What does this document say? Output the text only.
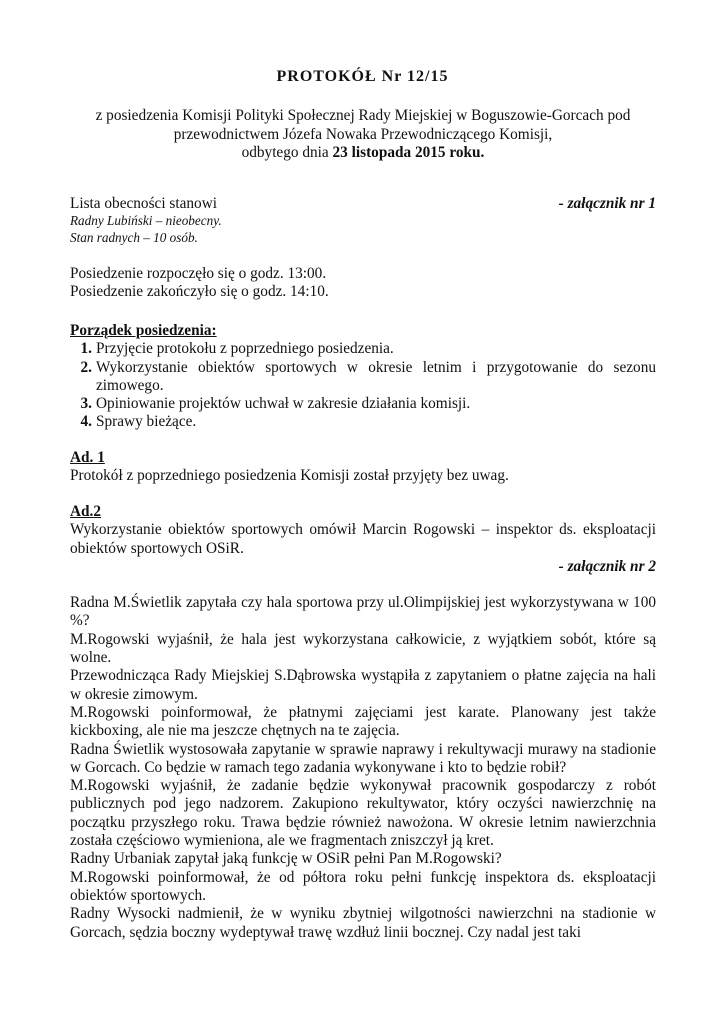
PROTOKÓŁ Nr 12/15
z posiedzenia Komisji Polityki Społecznej Rady Miejskiej w Boguszowie-Gorcach pod
przewodnictwem Józefa Nowaka Przewodniczącego Komisji,
odbytego dnia 23 listopada 2015 roku.
Lista obecności stanowi	- załącznik nr 1
Radny Lubiński – nieobecny.
Stan radnych – 10 osób.
Posiedzenie rozpoczęło się o godz. 13:00.
Posiedzenie zakończyło się o godz. 14:10.
Porządek posiedzenia:
1. Przyjęcie protokołu z poprzedniego posiedzenia.
2. Wykorzystanie obiektów sportowych w okresie letnim i przygotowanie do sezonu zimowego.
3. Opiniowanie projektów uchwał w zakresie działania komisji.
4. Sprawy bieżące.
Ad. 1
Protokół z poprzedniego posiedzenia Komisji został przyjęty bez uwag.
Ad.2

Wykorzystanie obiektów sportowych omówił Marcin Rogowski – inspektor ds. eksploatacji obiektów sportowych OSiR.

- załącznik nr 2

Radna M.Świetlik zapytała czy hala sportowa przy ul.Olimpijskiej jest wykorzystywana w 100 %?

M.Rogowski wyjaśnił, że hala jest wykorzystana całkowicie, z wyjątkiem sobót, które są wolne.

Przewodnicząca Rady Miejskiej S.Dąbrowska wystąpiła z zapytaniem o płatne zajęcia na hali w okresie zimowym.

M.Rogowski poinformował, że płatnymi zajęciami jest karate. Planowany jest także kickboxing, ale nie ma jeszcze chętnych na te zajęcia.

Radna Świetlik wystosowała zapytanie w sprawie naprawy i rekultywacji murawy na stadionie w Gorcach. Co będzie w ramach tego zadania wykonywane i kto to będzie robił?

M.Rogowski wyjaśnił, że zadanie będzie wykonywał pracownik gospodarczy z robót publicznych pod jego nadzorem. Zakupiono rekultywator, który oczyści nawierzchnię na początku przyszłego roku. Trawa będzie również nawożona. W okresie letnim nawierzchnia została częściowo wymieniona, ale we fragmentach zniszczył ją kret.

Radny Urbaniak zapytał jaką funkcję w OSiR pełni Pan M.Rogowski?

M.Rogowski poinformował, że od półtora roku pełni funkcję inspektora ds. eksploatacji obiektów sportowych.

Radny Wysocki nadmienił, że w wyniku zbytniej wilgotności nawierzchni na stadionie w Gorcach, sędzia boczny wydeptywał trawę wzdłuż linii bocznej. Czy nadal jest taki
